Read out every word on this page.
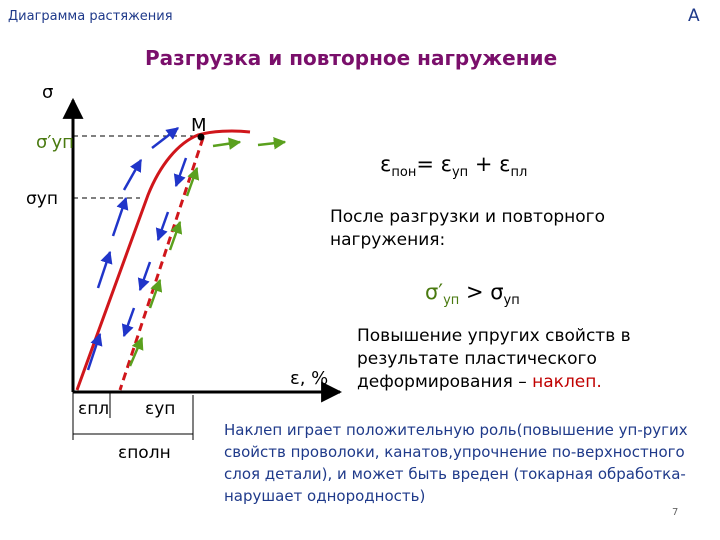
Диаграмма растяжения	А
Разгрузка и повторное нагружение
σ
M
σ′уп
σуп
ε, %
εпл εуп
εполн
$\varepsilon_{пон}= \varepsilon_{уп} + \varepsilon_{пл}$
После разгрузки и повторного нагружения:
$\sigma'_{уп} > \sigma_{уп}$
Повышение упругих свойств в результате пластического деформирования – наклеп.
Наклеп играет положительную роль(повышение уп-ругих свойств проволоки, канатов,упрочнение по-верхностного слоя детали), и может быть вреден (токарная обработка-нарушает однородность)
7
